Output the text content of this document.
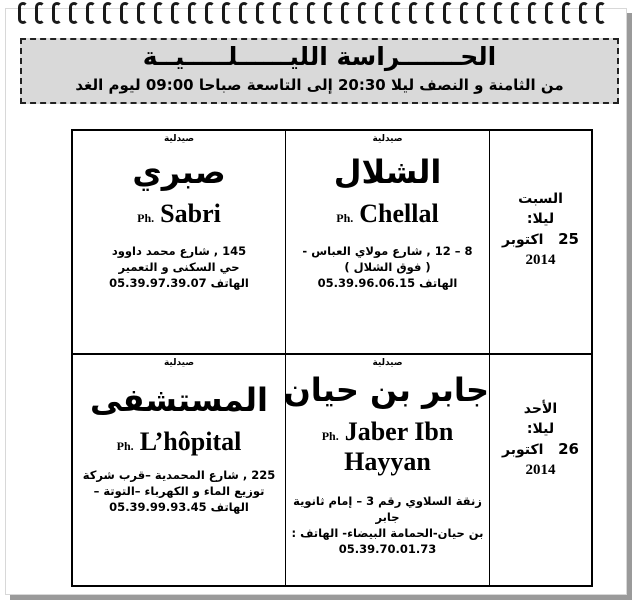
الحـــــــراسة الليــــــلـــــيــة
من الثامنة و النصف ليلا 20:30 إلى التاسعة صباحا 09:00 ليوم الغد
السبت
ليلا:
25   اكتوبر
2014
صيدلية
الشلال
Ph. Chellal
8 – 12 , شارع مولاي العباس -
( فوق الشلال )
الهاتف 05.39.96.06.15
صيدلية
صبري
Ph. Sabri
145 , شارع محمد داوود
حي السكنى و التعمير
الهاتف 05.39.97.39.07
الأحد
ليلا:
26   اكتوبر
2014
صيدلية
جابر بن حيان
Ph. Jaber Ibn
Hayyan
زنقة السلاوي رقم 3 – إمام ثانوية جابر
بن حيان-الحمامة البيضاء- الهاتف :
05.39.70.01.73
صيدلية
المستشفى
Ph. L’hôpital
225 , شارع المحمدية –قرب شركة
توزيع الماء و الكهرباء –التوتة –
الهاتف 05.39.99.93.45
